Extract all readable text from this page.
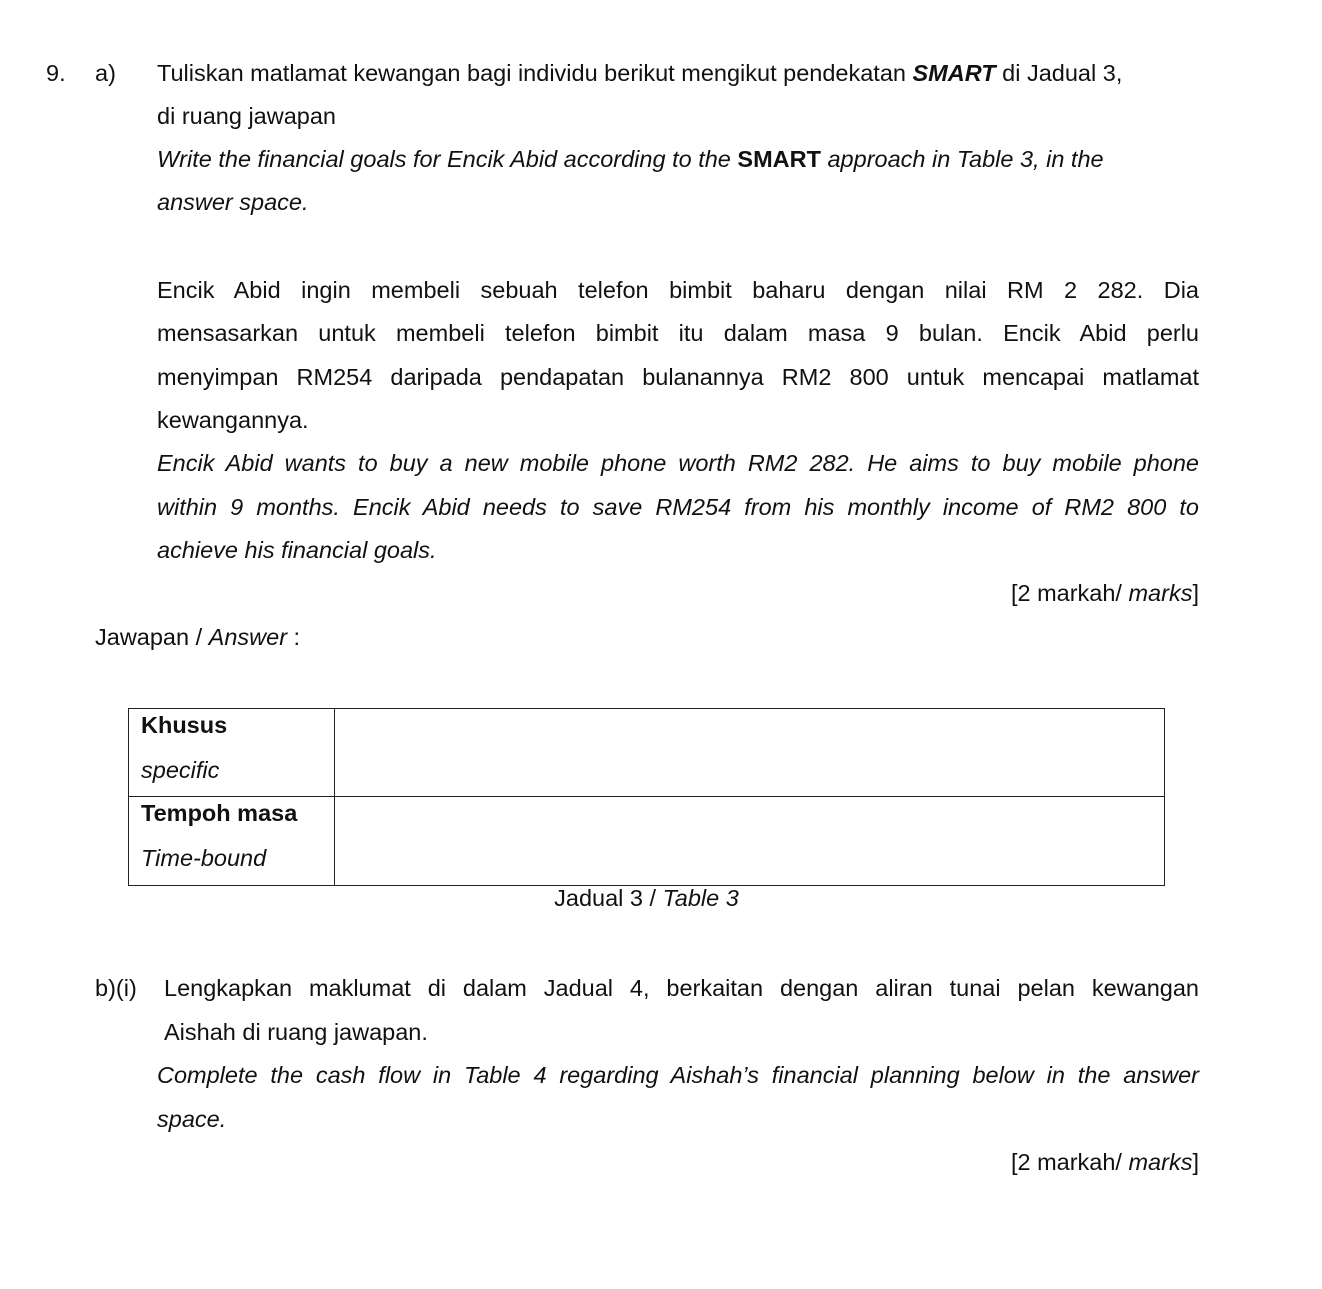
9. a) Tuliskan matlamat kewangan bagi individu berikut mengikut pendekatan SMART di Jadual 3,
di ruang jawapan
Write the financial goals for Encik Abid according to the SMART approach in Table 3, in the
answer space.
Encik Abid ingin membeli sebuah telefon bimbit baharu dengan nilai RM 2 282. Dia
mensasarkan untuk membeli telefon bimbit itu dalam masa 9 bulan. Encik Abid perlu
menyimpan RM254 daripada pendapatan bulanannya RM2 800 untuk mencapai matlamat
kewangannya.
Encik Abid wants to buy a new mobile phone worth RM2 282. He aims to buy mobile phone
within 9 months. Encik Abid needs to save RM254 from his monthly income of RM2 800 to
achieve his financial goals.
[2 markah/ marks]
Jawapan / Answer :
Khusus
specific	

Tempoh masa
Time-bound	

Jadual 3 / Table 3
b)(i) Lengkapkan maklumat di dalam Jadual 4, berkaitan dengan aliran tunai pelan kewangan
Aishah di ruang jawapan.
Complete the cash flow in Table 4 regarding Aishah’s financial planning below in the answer
space.
[2 markah/ marks]
